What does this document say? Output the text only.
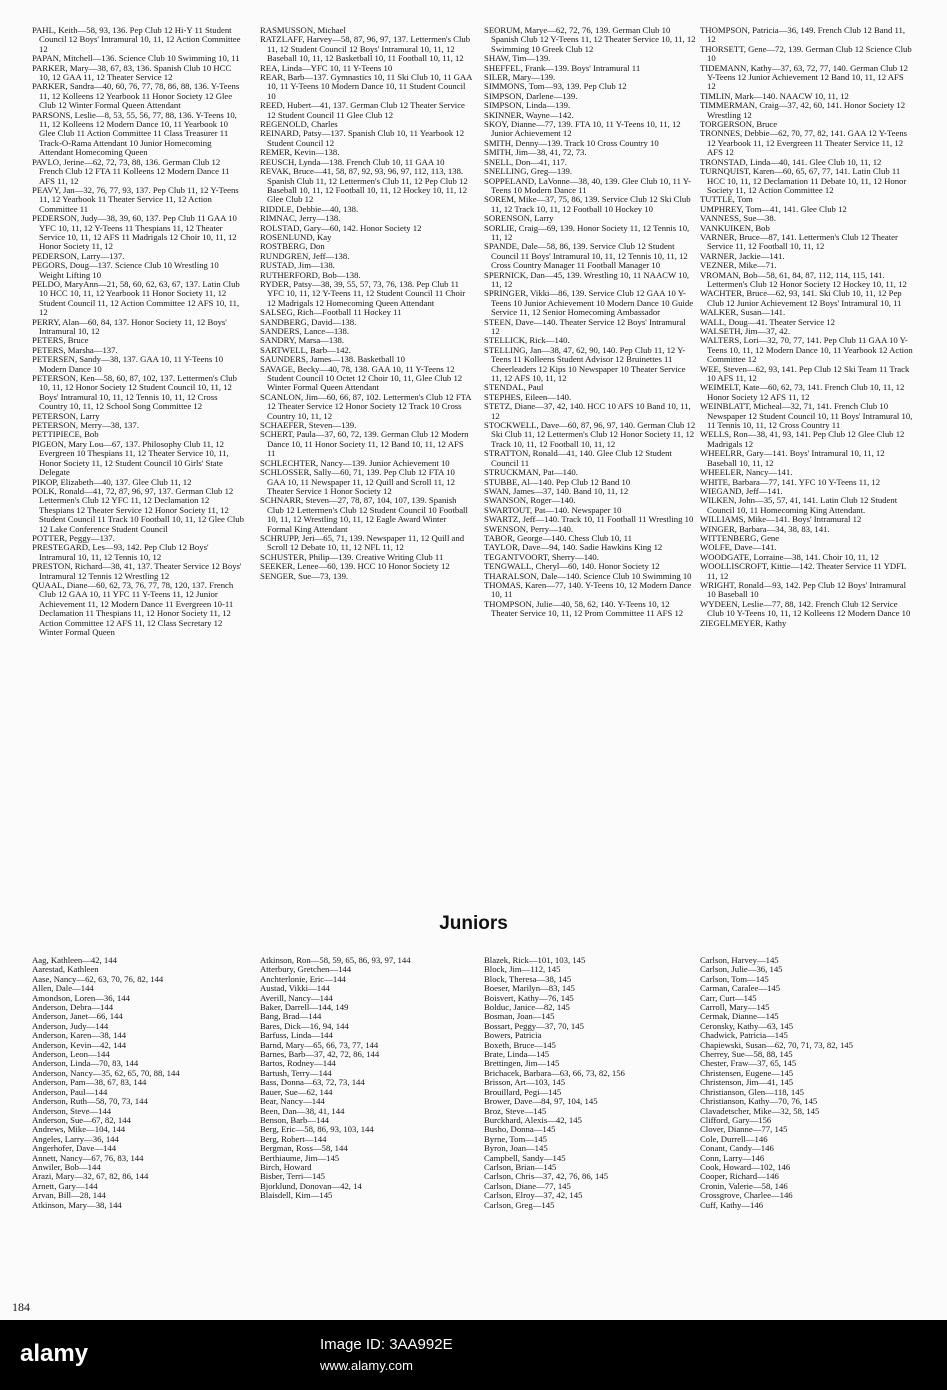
PAHL, Keith—58, 93, 136. Pep Club 12 Hi-Y 11 Student Council 12 Boys' Intramural 10, 11, 12 Action Committee 12

PAPAN, Mitchell—136. Science Club 10 Swimming 10, 11

PARKER, Mary—38, 67, 83, 136. Spanish Club 10 HCC 10, 12 GAA 11, 12 Theater Service 12

PARKER, Sandra—40, 60, 76, 77, 78, 86, 88, 136. Y-Teens 11, 12 Kolleens 12 Yearbook 11 Honor Society 12 Glee Club 12 Winter Formal Queen Attendant

PARSONS, Leslie—8, 53, 55, 56, 77, 88, 136. Y-Teens 10, 11, 12 Kolleens 12 Modern Dance 10, 11 Yearbook 10 Glee Club 11 Action Committee 11 Class Treasurer 11 Track-O-Rama Attendant 10 Junior Homecoming Attendant Homecoming Queen

PAVLO, Jerine—62, 72, 73, 88, 136. German Club 12 French Club 12 FTA 11 Kolleens 12 Modern Dance 11 AFS 11, 12

PEAVY, Jan—32, 76, 77, 93, 137. Pep Club 11, 12 Y-Teens 11, 12 Yearbook 11 Theater Service 11, 12 Action Committee 11

PEDERSON, Judy—38, 39, 60, 137. Pep Club 11 GAA 10 YFC 10, 11, 12 Y-Teens 11 Thespians 11, 12 Theater Service 10, 11, 12 AFS 11 Madrigals 12 Choir 10, 11, 12 Honor Society 11, 12

PEDERSON, Larry—137.

PEGORS, Doug—137. Science Club 10 Wrestling 10 Weight Lifting 10

PELDO, MaryAnn—21, 58, 60, 62, 63, 67, 137. Latin Club 10 HCC 10, 11, 12 Yearbook 11 Honor Society 11, 12 Student Council 11, 12 Action Committee 12 AFS 10, 11, 12

PERRY, Alan—60, 84, 137. Honor Society 11, 12 Boys' Intramural 10, 12

PETERS, Bruce

PETERS, Marsha—137.

PETERSEN, Sandy—38, 137. GAA 10, 11 Y-Teens 10 Modern Dance 10

PETERSON, Ken—58, 60, 87, 102, 137. Lettermen's Club 10, 11, 12 Honor Society 12 Student Council 10, 11, 12 Boys' Intramural 10, 11, 12 Tennis 10, 11, 12 Cross Country 10, 11, 12 School Song Committee 12

PETERSON, Larry

PETERSON, Merry—38, 137.

PETTIPIECE, Bob

PIGEON, Mary Lou—67, 137. Philosophy Club 11, 12 Evergreen 10 Thespians 11, 12 Theater Service 10, 11, Honor Society 11, 12 Student Council 10 Girls' State Delegate

PIKOP, Elizabeth—40, 137. Glee Club 11, 12

POLK, Ronald—41, 72, 87, 96, 97, 137. German Club 12 Lettermen's Club 12 YFC 11, 12 Declamation 12 Thespians 12 Theater Service 12 Honor Society 11, 12 Student Council 11 Track 10 Football 10, 11, 12 Glee Club 12 Lake Conference Student Council

POTTER, Peggy—137.

PRESTEGARD, Les—93, 142. Pep Club 12 Boys' Intramural 10, 11, 12 Tennis 10, 12

PRESTON, Richard—38, 41, 137. Theater Service 12 Boys' Intramural 12 Tennis 12 Wrestling 12

QUAAL, Diane—60, 62, 73, 76, 77, 78, 120, 137. French Club 12 GAA 10, 11 YFC 11 Y-Teens 11, 12 Junior Achievement 11, 12 Modern Dance 11 Evergreen 10-11 Declamation 11 Thespians 11, 12 Honor Society 11, 12 Action Committee 12 AFS 11, 12 Class Secretary 12 Winter Formal Queen

RASMUSSON, Michael

RATZLAFF, Harvey—58, 87, 96, 97, 137. Lettermen's Club 11, 12 Student Council 12 Boys' Intramural 10, 11, 12 Baseball 10, 11, 12 Basketball 10, 11 Football 10, 11, 12

REA, Linda—YFC 10, 11 Y-Teens 10

REAR, Barb—137. Gymnastics 10, 11 Ski Club 10, 11 GAA 10, 11 Y-Teens 10 Modern Dance 10, 11 Student Council 10

REED, Hubert—41, 137. German Club 12 Theater Service 12 Student Council 11 Glee Club 12

REGENOLD, Charles

REINARD, Patsy—137. Spanish Club 10, 11 Yearbook 12 Student Council 12

REMER, Kevin—138.

REUSCH, Lynda—138. French Club 10, 11 GAA 10

REVAK, Bruce—41, 58, 87, 92, 93, 96, 97, 112, 113, 138. Spanish Club 11, 12 Lettermen's Club 11, 12 Pep Club 12 Baseball 10, 11, 12 Football 10, 11, 12 Hockey 10, 11, 12 Glee Club 12

RIDDLE, Debbie—40, 138.

RIMNAC, Jerry—138.

ROLSTAD, Gary—60, 142. Honor Society 12

ROSENLUND, Kay

ROSTBERG, Don

RUNDGREN, Jeff—138.

RUSTAD, Jim—138.

RUTHERFORD, Bob—138.

RYDER, Patsy—38, 39, 55, 57, 73, 76, 138. Pep Club 11 YFC 10, 11, 12 Y-Teens 11, 12 Student Council 11 Choir 12 Madrigals 12 Homecoming Queen Attendant

SALSEG, Rich—Football 11 Hockey 11

SANDBERG, David—138.

SANDERS, Lance—138.

SANDRY, Marsa—138.

SARTWELL, Barb—142.

SAUNDERS, James—138. Basketball 10

SAVAGE, Becky—40, 78, 138. GAA 10, 11 Y-Teens 12 Student Council 10 Octet 12 Choir 10, 11, Glee Club 12 Winter Formal Queen Attendant

SCANLON, Jim—60, 66, 87, 102. Lettermen's Club 12 FTA 12 Theater Service 12 Honor Society 12 Track 10 Cross Country 10, 11, 12

SCHAEFER, Steven—139.

SCHERT, Paula—37, 60, 72, 139. German Club 12 Modern Dance 10, 11 Honor Society 11, 12 Band 10, 11, 12 AFS 11

SCHLECHTER, Nancy—139. Junior Achievement 10

SCHLOSSER, Sally—60, 71, 139. Pep Club 12 FTA 10 GAA 10, 11 Newspaper 11, 12 Quill and Scroll 11, 12 Theater Service 1 Honor Society 12

SCHNARR, Steven—27, 78, 87, 104, 107, 139. Spanish Club 12 Lettermen's Club 12 Student Council 10 Football 10, 11, 12 Wrestling 10, 11, 12 Eagle Award Winter Formal King Attendant

SCHRUPP, Jeri—65, 71, 139. Newspaper 11, 12 Quill and Scroll 12 Debate 10, 11, 12 NFL 11, 12

SCHUSTER, Philip—139. Creative Writing Club 11

SEEKER, Lenee—60, 139. HCC 10 Honor Society 12

SENGER, Sue—73, 139.

SEORUM, Marye—62, 72, 76, 139. German Club 10 Spanish Club 12 Y-Teens 11, 12 Theater Service 10, 11, 12 Swimming 10 Greek Club 12

SHAW, Tim—139.

SHEFFEL, Frank—139. Boys' Intramural 11

SILER, Mary—139.

SIMMONS, Tom—93, 139. Pep Club 12

SIMPSON, Darlene—139.

SIMPSON, Linda—139.

SKINNER, Wayne—142.

SKOY, Dianne—77, 139. FTA 10, 11 Y-Teens 10, 11, 12 Junior Achievement 12

SMITH, Denny—139. Track 10 Cross Country 10

SMITH, Jim—38, 41, 72, 73.

SNELL, Don—41, 117.

SNELLING, Greg—139.

SOPPELAND, LaVonne—38, 40, 139. Glee Club 10, 11 Y-Teens 10 Modern Dance 11

SOREM, Mike—37, 75, 86, 139. Service Club 12 Ski Club 11, 12 Track 10, 11, 12 Football 10 Hockey 10

SORENSON, Larry

SORLIE, Craig—69, 139. Honor Society 11, 12 Tennis 10, 11, 12

SPANDE, Dale—58, 86, 139. Service Club 12 Student Council 11 Boys' Intramural 10, 11, 12 Tennis 10, 11, 12 Cross Country Manager 11 Football Manager 10

SPERNICK, Dan—45, 139. Wrestling 10, 11 NAACW 10, 11, 12

SPRINGER, Vikki—86, 139. Service Club 12 GAA 10 Y-Teens 10 Junior Achievement 10 Modern Dance 10 Guide Service 11, 12 Senior Homecoming Ambassador

STEEN, Dave—140. Theater Service 12 Boys' Intramural 12

STELLICK, Rick—140.

STELLING, Jan—38, 47, 62, 90, 140. Pep Club 11, 12 Y-Teens 11 Kolleens Student Advisor 12 Bruinettes 11 Cheerleaders 12 Kips 10 Newspaper 10 Theater Service 11, 12 AFS 10, 11, 12

STENDAL, Paul

STEPHES, Eileen—140.

STETZ, Diane—37, 42, 140. HCC 10 AFS 10 Band 10, 11, 12

STOCKWELL, Dave—60, 87, 96, 97, 140. German Club 12 Ski Club 11, 12 Lettermen's Club 12 Honor Society 11, 12 Track 10, 11, 12 Football 10, 11, 12

STRATTON, Ronald—41, 140. Glee Club 12 Student Council 11

STRUCKMAN, Pat—140.

STUBBE, Al—140. Pep Club 12 Band 10

SWAN, James—37, 140. Band 10, 11, 12

SWANSON, Roger—140.

SWARTOUT, Pat—140. Newspaper 10

SWARTZ, Jeff—140. Track 10, 11 Football 11 Wrestling 10

SWENSON, Perry—140.

TABOR, George—140. Chess Club 10, 11

TAYLOR, Dave—94, 140. Sadie Hawkins King 12

TEGANTVOORT, Sherry—140.

TENGWALL, Cheryl—60, 140. Honor Society 12

THARALSON, Dale—140. Science Club 10 Swimming 10

THOMAS, Karen—77, 140. Y-Teens 10, 12 Modern Dance 10, 11

THOMPSON, Julie—40, 58, 62, 140. Y-Teens 10, 12 Theater Service 10, 11, 12 Prom Committee 11 AFS 12

THOMPSON, Patricia—36, 149. French Club 12 Band 11, 12

THORSETT, Gene—72, 139. German Club 12 Science Club 10

TIDEMANN, Kathy—37, 63, 72, 77, 140. German Club 12 Y-Teens 12 Junior Achievement 12 Band 10, 11, 12 AFS 12

TIMLIN, Mark—140. NAACW 10, 11, 12

TIMMERMAN, Craig—37, 42, 60, 141. Honor Society 12 Wrestling 12

TORGERSON, Bruce

TRONNES, Debbie—62, 70, 77, 82, 141. GAA 12 Y-Teens 12 Yearbook 11, 12 Evergreen 11 Theater Service 11, 12 AFS 12

TRONSTAD, Linda—40, 141. Glee Club 10, 11, 12

TURNQUIST, Karen—60, 65, 67, 77, 141. Latin Club 11 HCC 10, 11, 12 Declamation 11 Debate 10, 11, 12 Honor Society 11, 12 Action Committee 12

TUTTLE, Tom

UMPHREY, Tom—41, 141. Glee Club 12

VANNESS, Sue—38.

VANKUIKEN, Bob

VARNER, Bruce—87, 141. Lettermen's Club 12 Theater Service 11, 12 Football 10, 11, 12

VARNER, Jackie—141.

VEZNER, Mike—71.

VROMAN, Bob—58, 61, 84, 87, 112, 114, 115, 141. Lettermen's Club 12 Honor Society 12 Hockey 10, 11, 12

WACHTER, Bruce—62, 93, 141. Ski Club 10, 11, 12 Pep Club 12 Junior Achievement 12 Boys' Intramural 10, 11

WALKER, Susan—141.

WALL, Doug—41. Theater Service 12

WALSETH, Jim—37, 42.

WALTERS, Lori—32, 70, 77, 141. Pep Club 11 GAA 10 Y-Teens 10, 11, 12 Modern Dance 10, 11 Yearbook 12 Action Committee 12

WEE, Steven—62, 93, 141. Pep Club 12 Ski Team 11 Track 10 AFS 11, 12

WEIMELT, Kate—60, 62, 73, 141. French Club 10, 11, 12 Honor Society 12 AFS 11, 12

WEINBLATT, Micheal—32, 71, 141. French Club 10 Newspaper 12 Student Council 10, 11 Boys' Intramural 10, 11 Tennis 10, 11, 12 Cross Country 11

WELLS, Ron—38, 41, 93, 141. Pep Club 12 Glee Club 12 Madrigals 12

WHEELRR, Gary—141. Boys' Intramural 10, 11, 12 Baseball 10, 11, 12

WHEELER, Nancy—141.

WHITE, Barbara—77, 141. YFC 10 Y-Teens 11, 12

WIEGAND, Jeff—141.

WILKEN, John—35, 57, 41, 141. Latin Club 12 Student Council 10, 11 Homecoming King Attendant.

WILLIAMS, Mike—141. Boys' Intramural 12

WINGER, Barbara—34, 38, 83, 141.

WITTENBERG, Gene

WOLFE, Dave—141.

WOODGATE, Lorraine—38, 141. Choir 10, 11, 12

WOOLLISCROFT, Kittie—142. Theater Service 11 YDFL 11, 12

WRIGHT, Ronald—93, 142. Pep Club 12 Boys' Intramural 10 Baseball 10

WYDEEN, Leslie—77, 88, 142. French Club 12 Service Club 10 Y-Teens 10, 11, 12 Kolleens 12 Modern Dance 10

ZIEGELMEYER, Kathy

Juniors

Aag, Kathleen—42, 144

Aarestad, Kathleen

Aase, Nancy—62, 63, 70, 76, 82, 144

Allen, Dale—144

Amondson, Loren—36, 144

Anderson, Debra—144

Anderson, Janet—66, 144

Anderson, Judy—144

Anderson, Karen—38, 144

Anderson, Kevin—42, 144

Anderson, Leon—144

Anderson, Linda—70, 83, 144

Anderson, Nancy—35, 62, 65, 70, 88, 144

Anderson, Pam—38, 67, 83, 144

Anderson, Paul—144

Anderson, Ruth—58, 70, 73, 144

Anderson, Steve—144

Anderson, Sue—67, 82, 144

Andrews, Mike—104, 144

Angeles, Larry—36, 144

Angerhofer, Dave—144

Annett, Nancy—67, 76, 83, 144

Anwiler, Bob—144

Arazi, Mary—32, 67, 82, 86, 144

Arnett, Gary—144

Arvan, Bill—28, 144

Atkinson, Mary—38, 144

Atkinson, Ron—58, 59, 65, 86, 93, 97, 144

Atterbury, Gretchen—144

Anchterlonie, Eric—144

Austad, Vikki—144

Averill, Nancy—144

Baker, Darrell—144, 149

Bang, Brad—144

Bares, Dick—16, 94, 144

Barfuss, Linda—144

Barnd, Mary—65, 66, 73, 77, 144

Barnes, Barb—37, 42, 72, 86, 144

Bartos, Rodney—144

Bartush, Terry—144

Bass, Donna—63, 72, 73, 144

Bauer, Sue—62, 144

Bear, Nancy—144

Been, Dan—38, 41, 144

Benson, Barb—144

Berg, Eric—58, 86, 93, 103, 144

Berg, Robert—144

Bergman, Ross—58, 144

Berthiaume, Jim—145

Birch, Howard

Bisber, Terri—145

Bjorklund, Donovan—42, 14

Blaisdell, Kim—145

Blazek, Rick—101, 103, 145

Block, Jim—112, 145

Block, Theresa—38, 145

Boeser, Marilyn—83, 145

Boisvert, Kathy—76, 145

Bolduc, Janice—82, 145

Bosman, Joan—145

Bossart, Peggy—37, 70, 145

Bowers, Patricia

Boxeth, Bruce—145

Brate, Linda—145

Brettingen, Jim—145

Brichacek, Barbara—63, 66, 73, 82, 156

Brisson, Art—103, 145

Brouillard, Pegi—145

Brower, Dave—84, 97, 104, 145

Broz, Steve—145

Burckhard, Alexis—42, 145

Busho, Donna—145

Byrne, Tom—145

Byron, Joan—145

Campbell, Sandy—145

Carlson, Brian—145

Carlson, Chris—37, 42, 76, 86, 145

Carlson, Diane—77, 145

Carlson, Elroy—37, 42, 145

Carlson, Greg—145

Carlson, Harvey—145

Carlson, Julie—36, 145

Carlson, Tom—145

Carman, Caralee—145

Carr, Curt—145

Carroll, Mary—145

Cermak, Dianne—145

Ceronsky, Kathy—63, 145

Chadwick, Patricia—145

Chapiewski, Susan—62, 70, 71, 73, 82, 145

Cherrey, Sue—58, 88, 145

Chester, Fraw—37, 65, 145

Christensen, Eugene—145

Christenson, Jim—41, 145

Christianson, Glen—118, 145

Christianson, Kathy—70, 76, 145

Clavadetscher, Mike—32, 58, 145

Clifford, Gary—156

Clover, Dianne—77, 145

Cole, Durrell—146

Conant, Candy—146

Conn, Larry—146

Cook, Howard—102, 146

Cooper, Richard—146

Cronin, Valerie—58, 146

Crossgrove, Charlee—146

Cuff, Kathy—146

184
alamy	Image ID: 3AA992E
www.alamy.com
